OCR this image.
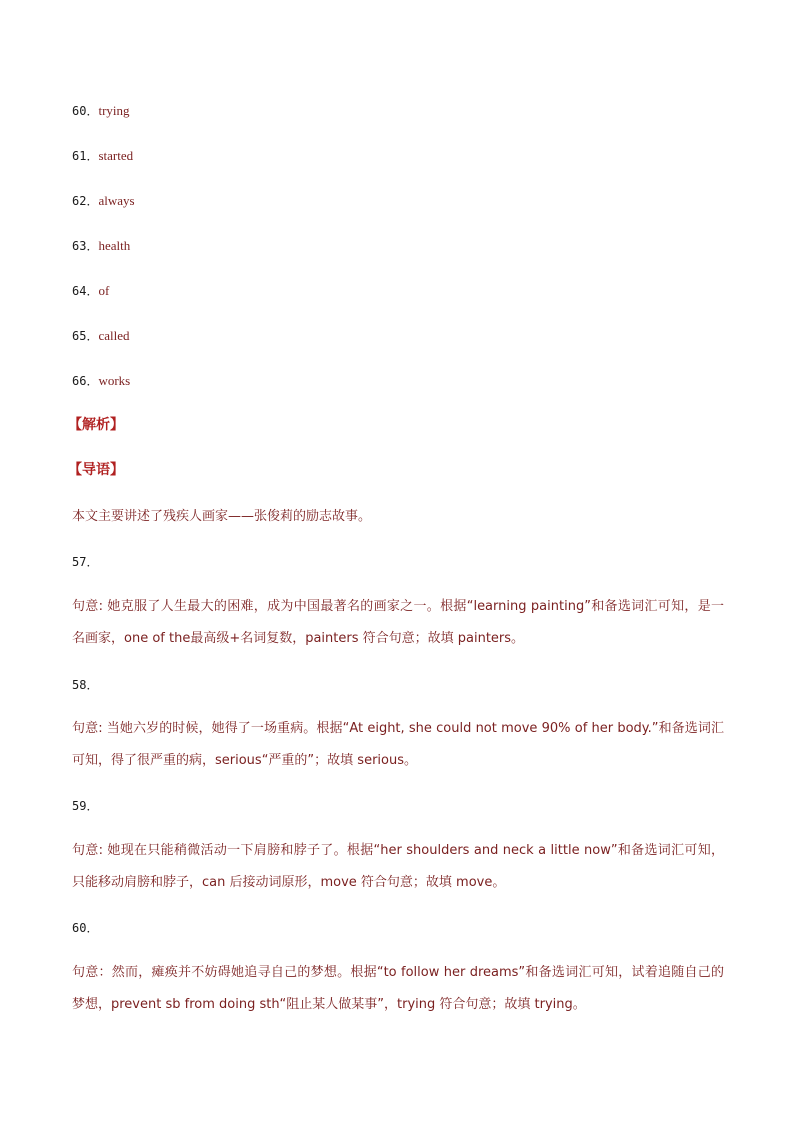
60．trying
61．started
62．always
63．health
64．of
65．called
66．works
【解析】
【导语】
本文主要讲述了残疾人画家——张俊莉的励志故事。
57．
句意: 她克服了人生最大的困难，成为中国最著名的画家之一。根据“learning painting”和备选词汇可知，是一名画家，one of the最高级+名词复数，painters 符合句意；故填 painters。
58．
句意: 当她六岁的时候，她得了一场重病。根据“At eight, she could not move 90% of her body.”和备选词汇可知，得了很严重的病，serious“严重的”；故填 serious。
59．
句意: 她现在只能稍微活动一下肩膀和脖子了。根据“her shoulders and neck a little now”和备选词汇可知，只能移动肩膀和脖子，can 后接动词原形，move 符合句意；故填 move。
60．
句意：然而，瘫痪并不妨碍她追寻自己的梦想。根据“to follow her dreams”和备选词汇可知，试着追随自己的梦想，prevent sb from doing sth“阻止某人做某事”，trying 符合句意；故填 trying。
